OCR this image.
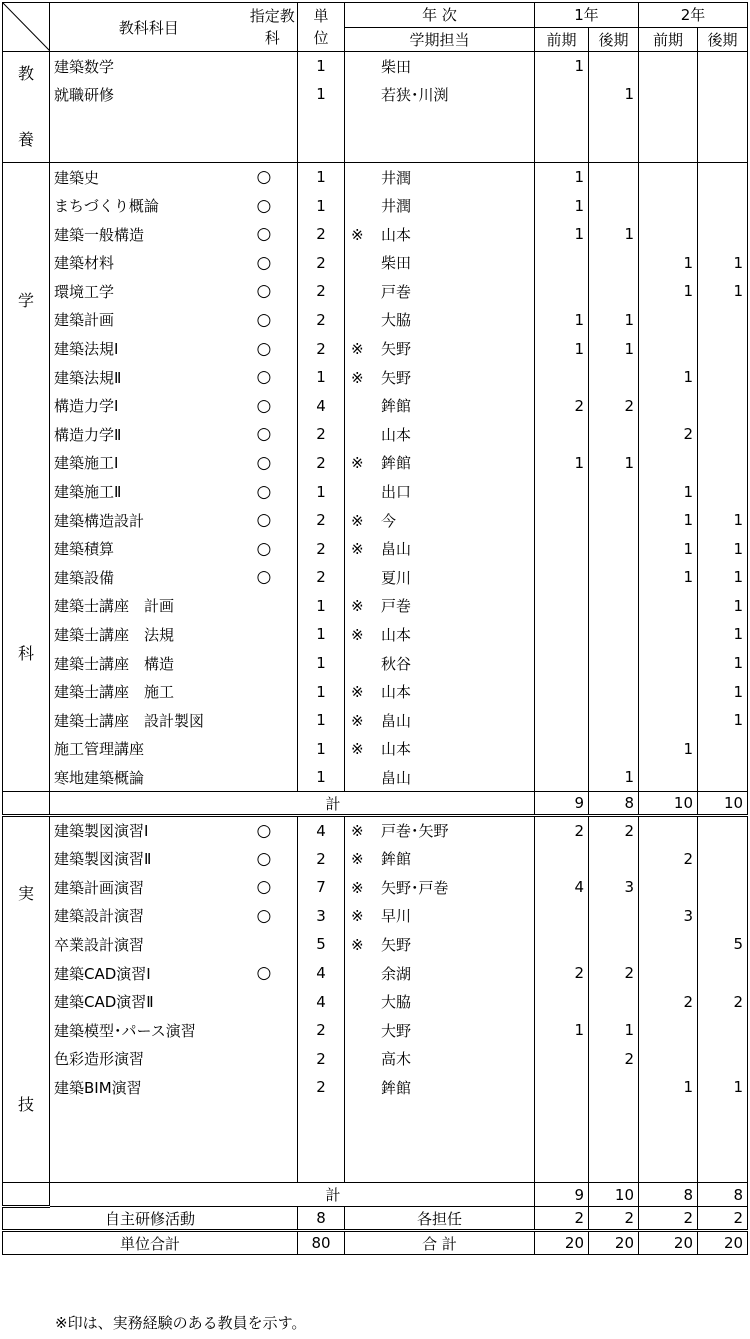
	教科科目	指定教科	単位	年 次	1年		2年	
				学期担当	前期	後期	前期	後期

教
養	建築数学		1	柴田	1			
	就職研修		1	若狭･川渕		1		

学
科	建築史	○	1	井潤	1			
	まちづくり概論	○	1	井潤	1			
	建築一般構造	○	2	※ 山本	1	1		
	建築材料	○	2	柴田			1	1
	環境工学	○	2	戸巻			1	1
	建築計画	○	2	大脇	1	1		
	建築法規Ⅰ	○	2	※ 矢野	1	1		
	建築法規Ⅱ	○	1	※ 矢野			1	
	構造力学Ⅰ	○	4	鉾館	2	2		
	構造力学Ⅱ	○	2	山本			2	
	建築施工Ⅰ	○	2	※ 鉾館	1	1		
	建築施工Ⅱ	○	1	出口			1	
	建築構造設計	○	2	※ 今			1	1
	建築積算	○	2	※ 畠山			1	1
	建築設備	○	2	夏川			1	1
	建築士講座　計画		1	※ 戸巻				1
	建築士講座　法規		1	※ 山本				1
	建築士講座　構造		1	秋谷				1
	建築士講座　施工		1	※ 山本				1
	建築士講座　設計製図		1	※ 畠山				1
	施工管理講座		1	※ 山本			1	
	寒地建築概論		1	畠山		1		
	計				9	8	10	10

実
技	建築製図演習Ⅰ	○	4	※ 戸巻･矢野	2	2		
	建築製図演習Ⅱ	○	2	※ 鉾館			2	
	建築計画演習	○	7	※ 矢野･戸巻	4	3		
	建築設計演習	○	3	※ 早川			3	
	卒業設計演習		5	※ 矢野				5
	建築CAD演習Ⅰ	○	4	余湖	2	2		
	建築CAD演習Ⅱ		4	大脇			2	2
	建築模型･パース演習		2	大野	1	1		
	色彩造形演習		2	高木		2		
	建築BIM演習		2	鉾館			1	1

	計				9	10	8	8
自主研修活動			8	各担任	2	2	2	2
単位合計			80	合 計	20	20	20	20
※印は、実務経験のある教員を示す。
